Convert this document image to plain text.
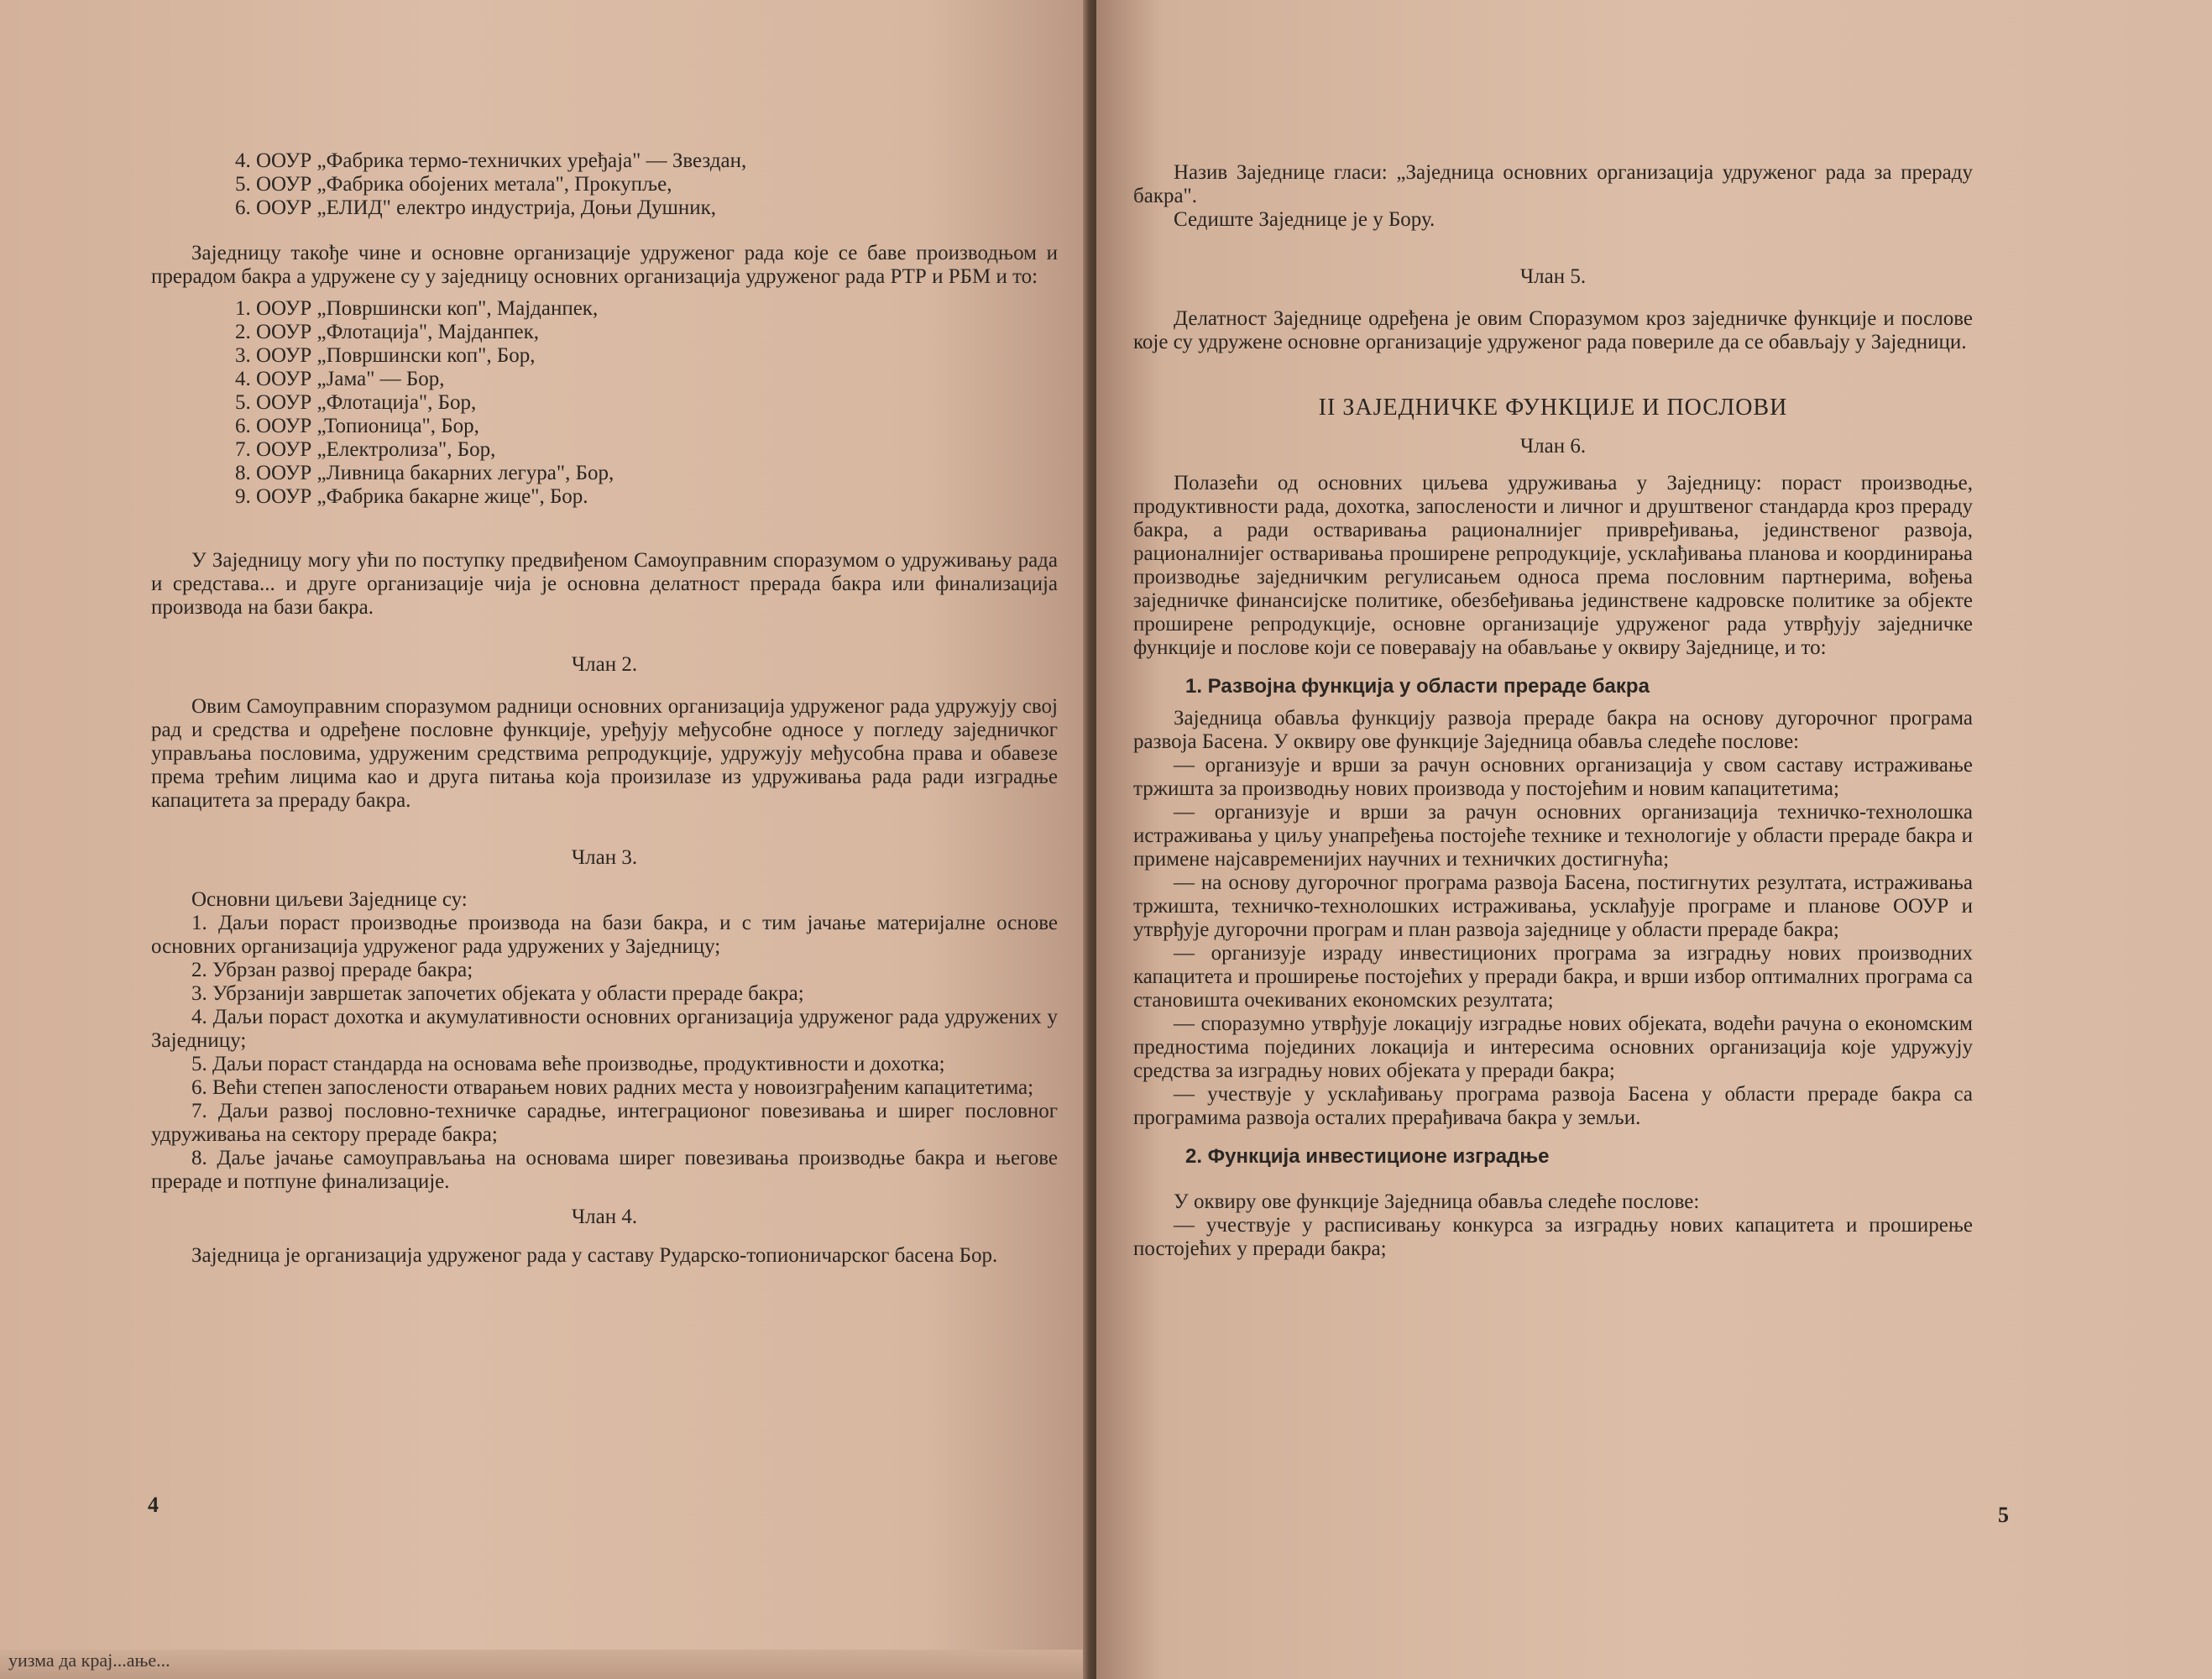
4. ООУР „Фабрика термо-техничких уређаја" — Звездан,
5. ООУР „Фабрика обојених метала", Прокупље,
6. ООУР „ЕЛИД" електро индустрија, Доњи Душник,

Заједницу такође чине и основне организације удруженог рада које се баве производњом и прерадом бакра а удружене су у заједницу основних организација удруженог рада РТР и РБМ и то:

1. ООУР „Површински коп", Мајданпек,
2. ООУР „Флотација", Мајданпек,
3. ООУР „Површински коп", Бор,
4. ООУР „Јама" — Бор,
5. ООУР „Флотација", Бор,
6. ООУР „Топионица", Бор,
7. ООУР „Електролиза", Бор,
8. ООУР „Ливница бакарних легура", Бор,
9. ООУР „Фабрика бакарне жице", Бор.

У Заједницу могу ући по поступку предвиђеном Самоуправним споразумом о удруживању рада и средстава... и друге организације чија је основна делатност прерада бакра или финализација производа на бази бакра.

Члан 2.

Овим Самоуправним споразумом радници основних организација удруженог рада удружују свој рад и средства и одређене пословне функције, уређују међусобне односе у погледу заједничког управљања пословима, удруженим средствима репродукције, удружују међусобна права и обавезе према трећим лицима као и друга питања која произилазе из удруживања рада ради изградње капацитета за прераду бакра.

Члан 3.

Основни циљеви Заједнице су:

1. Даљи пораст производње производа на бази бакра, и с тим јачање материјалне основе основних организација удруженог рада удружених у Заједницу;

2. Убрзан развој прераде бакра;

3. Убрзанији завршетак започетих објеката у области прераде бакра;

4. Даљи пораст дохотка и акумулативности основних организација удруженог рада удружених у Заједницу;

5. Даљи пораст стандарда на основама веће производње, продуктивности и дохотка;

6. Већи степен запослености отварањем нових радних места у новоизграђеним капацитетима;

7. Даљи развој пословно-техничке сарадње, интеграционог повезивања и ширег пословног удруживања на сектору прераде бакра;

8. Даље јачање самоуправљања на основама ширег повезивања производње бакра и његове прераде и потпуне финализације.

Члан 4.

Заједница је организација удруженог рада у саставу Рударско-топионичарског басена Бор.

4
уизма да крај...ање...

Назив Заједнице гласи: „Заједница основних организација удруженог рада за прераду бакра".

Седиште Заједнице је у Бору.

Члан 5.

Делатност Заједнице одређена је овим Споразумом кроз заједничке функције и послове које су удружене основне организације удруженог рада поверилe да се обављају у Заједници.

II ЗАЈЕДНИЧКЕ ФУНКЦИЈЕ И ПОСЛОВИ
Члан 6.

Полазећи од основних циљева удруживања у Заједницу: пораст производње, продуктивности рада, дохотка, запослености и личног и друштвеног стандарда кроз прераду бакра, а ради остваривања рационалнијег привређивања, јединственог развоја, рационалнијег остваривања проширене репродукције, усклађивања планова и координирања производње заједничким регулисањем односа према пословним партнерима, вођења заједничке финансијске политике, обезбеђивања јединствене кадровске политике за објекте проширене репродукције, основне организације удруженог рада утврђују заједничке функције и послове који се поверавају на обављање у оквиру Заједнице, и то:

1. Развојна функција у области прераде бакра

Заједница обавља функцију развоја прераде бакра на основу дугорочног програма развоја Басена. У оквиру ове функције Заједница обавља следеће послове:

— организује и врши за рачун основних организација у свом саставу истраживање тржишта за производњу нових производа у постојећим и новим капацитетима;

— организује и врши за рачун основних организација техничко-технолошка истраживања у циљу унапређења постојеће технике и технологије у области прераде бакра и примене најсавременијих научних и техничких достигнућа;

— на основу дугорочног програма развоја Басена, постигнутих резултата, истраживања тржишта, техничко-технолошких истраживања, усклађује програме и планове ООУР и утврђује дугорочни програм и план развоја заједнице у области прераде бакра;

— организује израду инвестиционих програма за изградњу нових производних капацитета и проширење постојећих у преради бакра, и врши избор оптималних програма са становишта очекиваних економских резултата;

— споразумно утврђује локацију изградње нових објеката, водећи рачуна о економским предностима појединих локација и интересима основних организација које удружују средства за изградњу нових објеката у преради бакра;

— учествује у усклађивању програма развоја Басена у области прераде бакра са програмима развоја осталих прерађивача бакра у земљи.

2. Функција инвестиционе изградње

У оквиру ове функције Заједница обавља следеће послове:

— учествује у расписивању конкурса за изградњу нових капацитета и проширење постојећих у преради бакра;

5
